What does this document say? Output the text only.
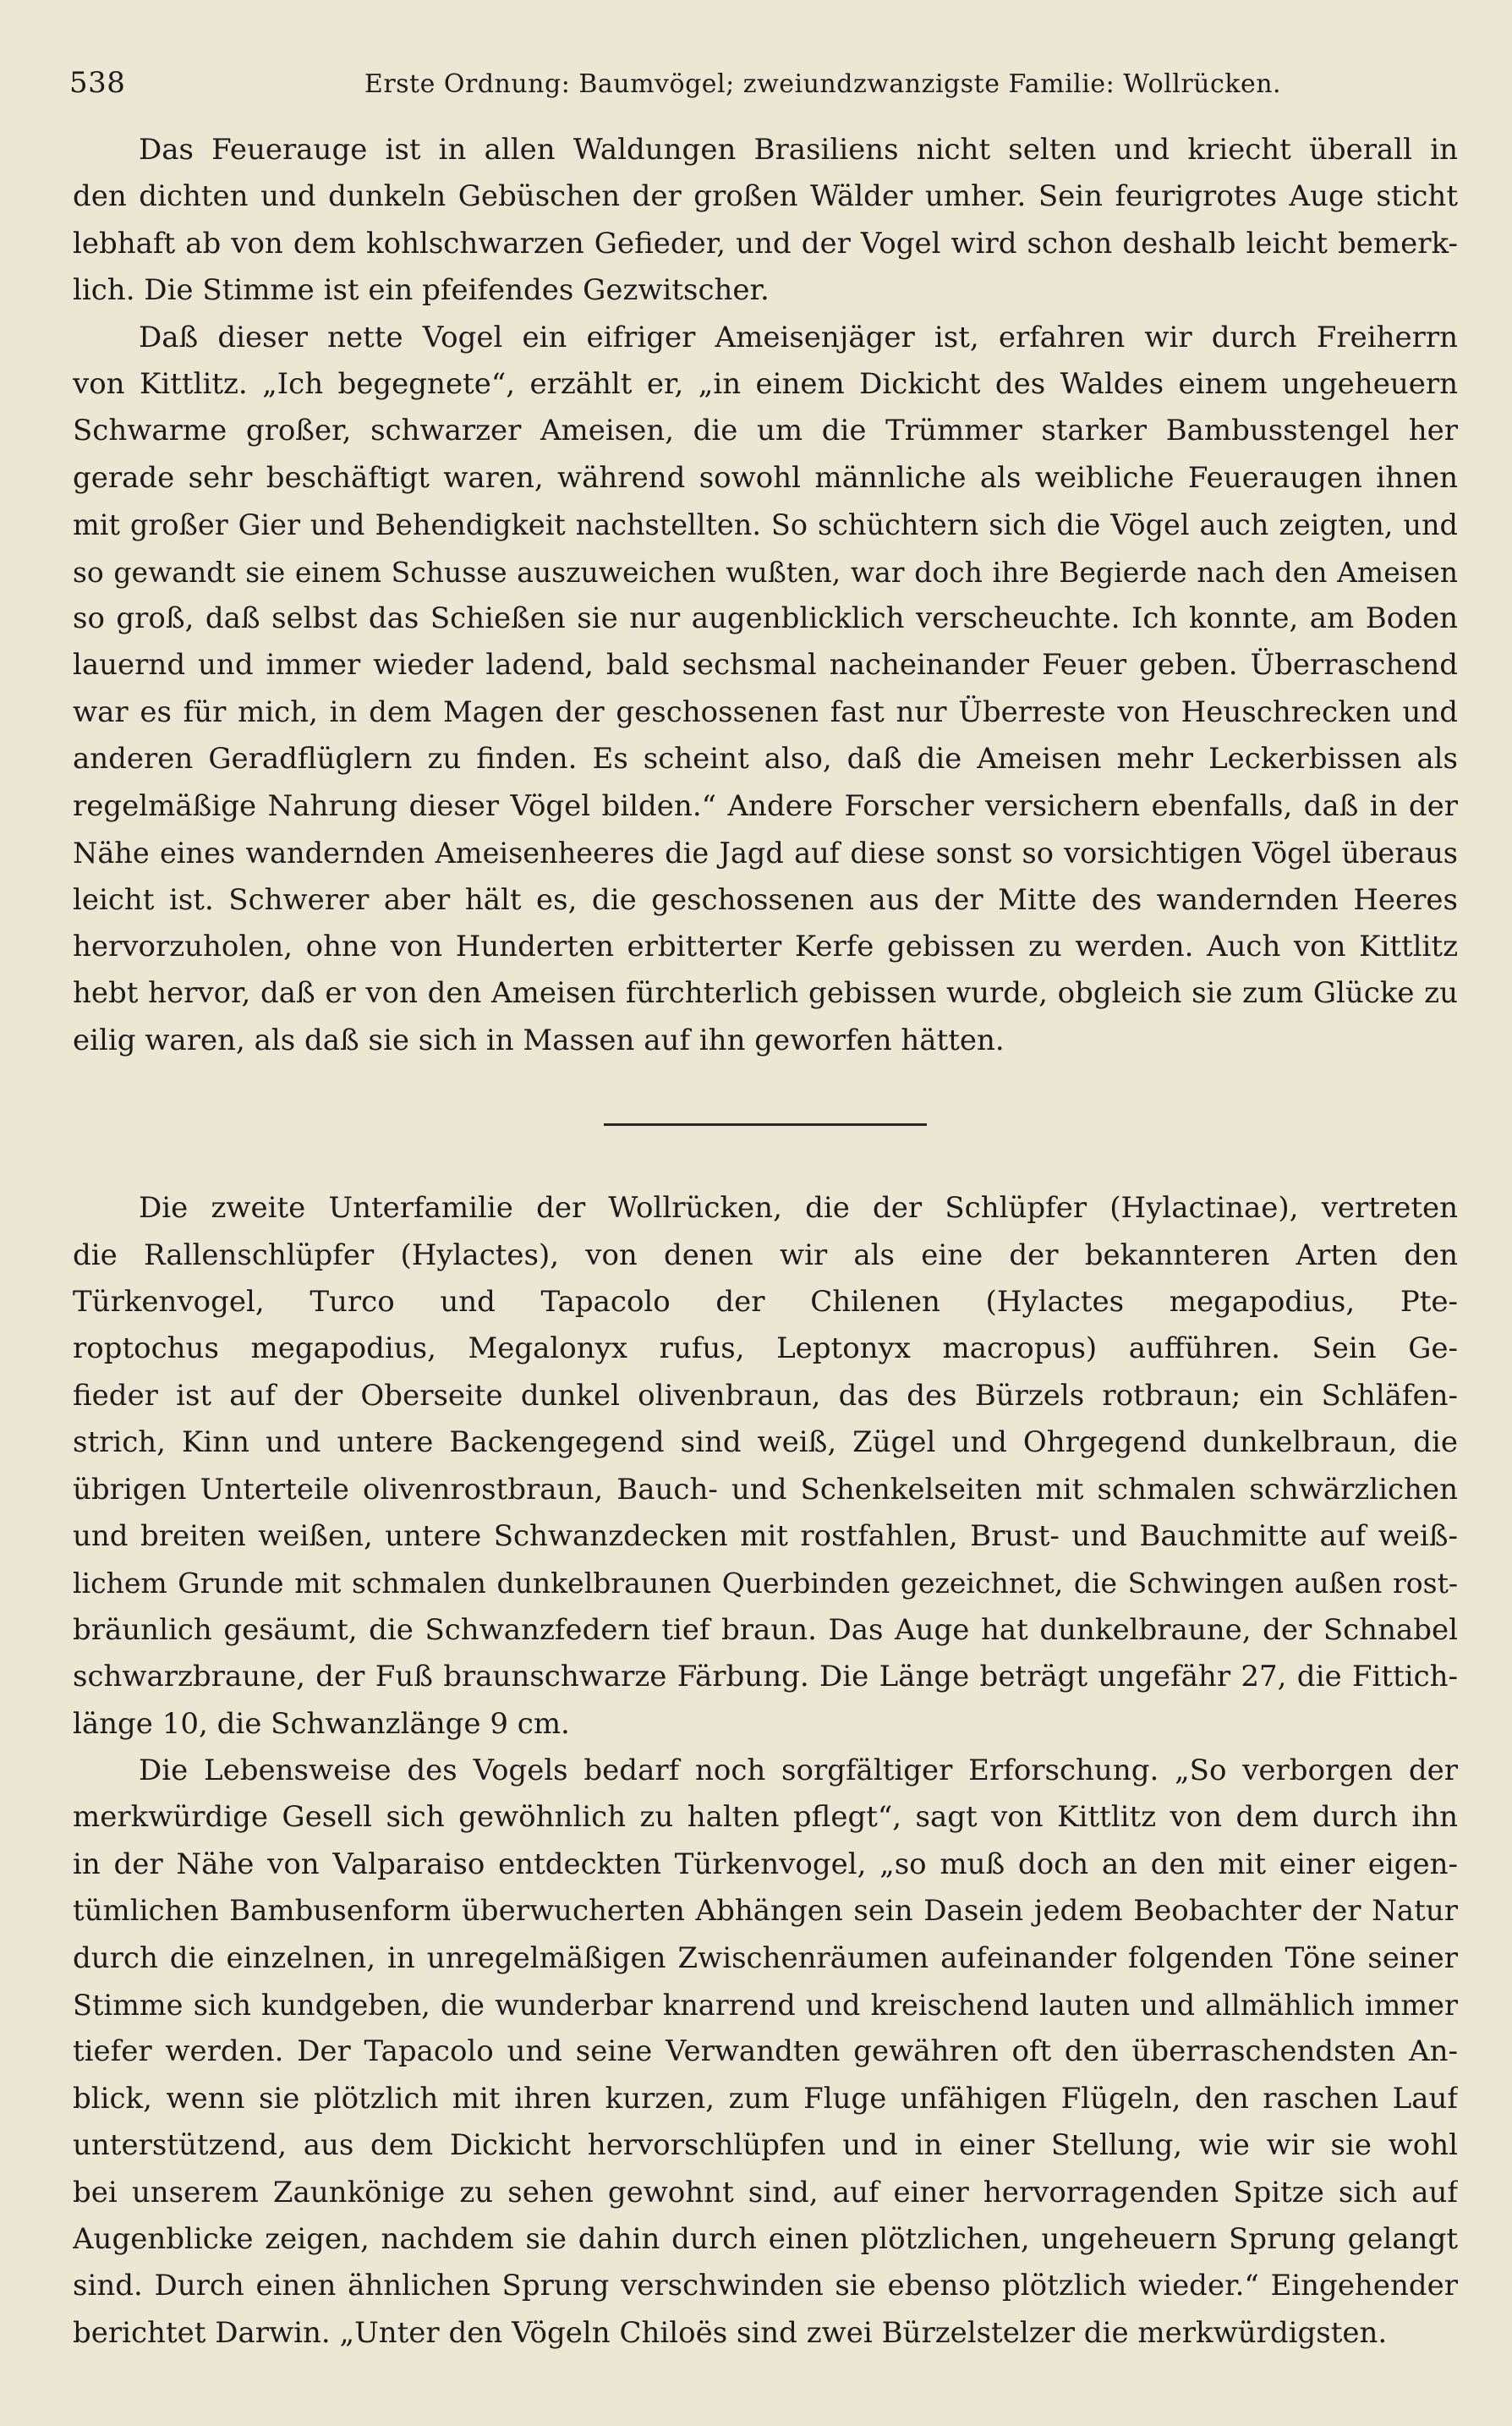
538	Erste Ordnung: Baumvögel; zweiundzwanzigste Familie: Wollrücken.
Das Feuerauge ist in allen Waldungen Brasiliens nicht selten und kriecht überall in
den dichten und dunkeln Gebüschen der großen Wälder umher. Sein feurigrotes Auge sticht
lebhaft ab von dem kohlschwarzen Gefieder, und der Vogel wird schon deshalb leicht bemerk-
lich. Die Stimme ist ein pfeifendes Gezwitscher.
Daß dieser nette Vogel ein eifriger Ameisenjäger ist, erfahren wir durch Freiherrn
von Kittlitz. „Ich begegnete“, erzählt er, „in einem Dickicht des Waldes einem ungeheuern
Schwarme großer, schwarzer Ameisen, die um die Trümmer starker Bambusstengel her
gerade sehr beschäftigt waren, während sowohl männliche als weibliche Feueraugen ihnen
mit großer Gier und Behendigkeit nachstellten. So schüchtern sich die Vögel auch zeigten, und
so gewandt sie einem Schusse auszuweichen wußten, war doch ihre Begierde nach den Ameisen
so groß, daß selbst das Schießen sie nur augenblicklich verscheuchte. Ich konnte, am Boden
lauernd und immer wieder ladend, bald sechsmal nacheinander Feuer geben. Überraschend
war es für mich, in dem Magen der geschossenen fast nur Überreste von Heuschrecken und
anderen Geradflüglern zu finden. Es scheint also, daß die Ameisen mehr Leckerbissen als
regelmäßige Nahrung dieser Vögel bilden.“ Andere Forscher versichern ebenfalls, daß in der
Nähe eines wandernden Ameisenheeres die Jagd auf diese sonst so vorsichtigen Vögel überaus
leicht ist. Schwerer aber hält es, die geschossenen aus der Mitte des wandernden Heeres
hervorzuholen, ohne von Hunderten erbitterter Kerfe gebissen zu werden. Auch von Kittlitz
hebt hervor, daß er von den Ameisen fürchterlich gebissen wurde, obgleich sie zum Glücke zu
eilig waren, als daß sie sich in Massen auf ihn geworfen hätten.
Die zweite Unterfamilie der Wollrücken, die der Schlüpfer (Hylactinae), vertreten
die Rallenschlüpfer (Hylactes), von denen wir als eine der bekannteren Arten den
Türkenvogel, Turco und Tapacolo der Chilenen (Hylactes megapodius, Pte-
roptochus megapodius, Megalonyx rufus, Leptonyx macropus) aufführen. Sein Ge-
fieder ist auf der Oberseite dunkel olivenbraun, das des Bürzels rotbraun; ein Schläfen-
strich, Kinn und untere Backengegend sind weiß, Zügel und Ohrgegend dunkelbraun, die
übrigen Unterteile olivenrostbraun, Bauch- und Schenkelseiten mit schmalen schwärzlichen
und breiten weißen, untere Schwanzdecken mit rostfahlen, Brust- und Bauchmitte auf weiß-
lichem Grunde mit schmalen dunkelbraunen Querbinden gezeichnet, die Schwingen außen rost-
bräunlich gesäumt, die Schwanzfedern tief braun. Das Auge hat dunkelbraune, der Schnabel
schwarzbraune, der Fuß braunschwarze Färbung. Die Länge beträgt ungefähr 27, die Fittich-
länge 10, die Schwanzlänge 9 cm.
Die Lebensweise des Vogels bedarf noch sorgfältiger Erforschung. „So verborgen der
merkwürdige Gesell sich gewöhnlich zu halten pflegt“, sagt von Kittlitz von dem durch ihn
in der Nähe von Valparaiso entdeckten Türkenvogel, „so muß doch an den mit einer eigen-
tümlichen Bambusenform überwucherten Abhängen sein Dasein jedem Beobachter der Natur
durch die einzelnen, in unregelmäßigen Zwischenräumen aufeinander folgenden Töne seiner
Stimme sich kundgeben, die wunderbar knarrend und kreischend lauten und allmählich immer
tiefer werden. Der Tapacolo und seine Verwandten gewähren oft den überraschendsten An-
blick, wenn sie plötzlich mit ihren kurzen, zum Fluge unfähigen Flügeln, den raschen Lauf
unterstützend, aus dem Dickicht hervorschlüpfen und in einer Stellung, wie wir sie wohl
bei unserem Zaunkönige zu sehen gewohnt sind, auf einer hervorragenden Spitze sich auf
Augenblicke zeigen, nachdem sie dahin durch einen plötzlichen, ungeheuern Sprung gelangt
sind. Durch einen ähnlichen Sprung verschwinden sie ebenso plötzlich wieder.“ Eingehender
berichtet Darwin. „Unter den Vögeln Chiloës sind zwei Bürzelstelzer die merkwürdigsten.
